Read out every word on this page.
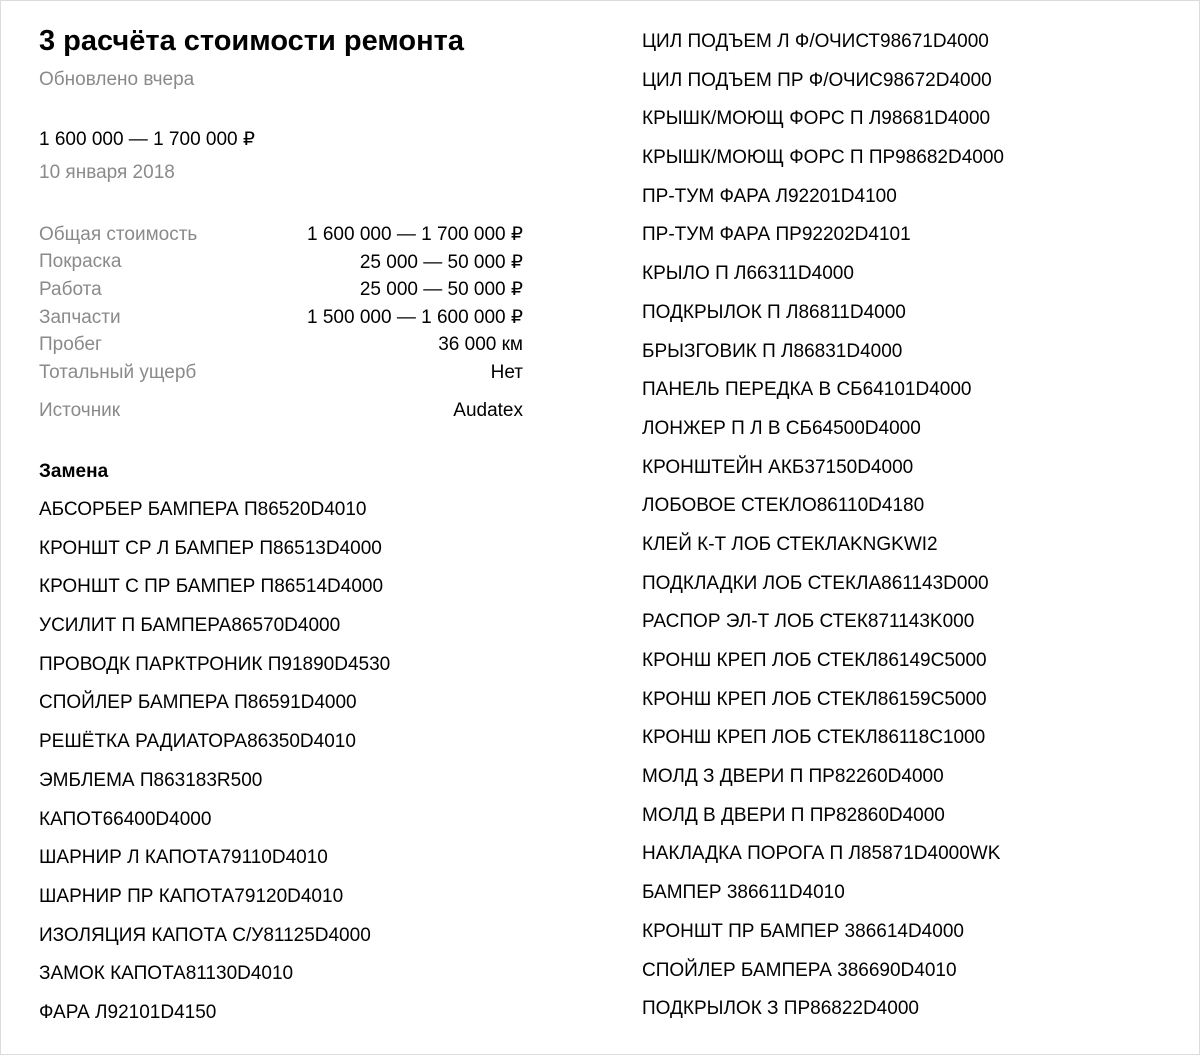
3 расчёта стоимости ремонта
Обновлено вчера
1 600 000 — 1 700 000 ₽
10 января 2018
Общая стоимость	1 600 000 — 1 700 000 ₽
Покраска	25 000 — 50 000 ₽
Работа	25 000 — 50 000 ₽
Запчасти	1 500 000 — 1 600 000 ₽
Пробег	36 000 км
Тотальный ущерб	Нет
Источник	Audatex
Замена
АБСОРБЕР БАМПЕРА П86520D4010
КРОНШТ СР Л БАМПЕР П86513D4000
КРОНШТ С ПР БАМПЕР П86514D4000
УСИЛИТ П БАМПЕРА86570D4000
ПРОВОДК ПАРКТРОНИК П91890D4530
СПОЙЛЕР БАМПЕРА П86591D4000
РЕШЁТКА РАДИАТОРА86350D4010
ЭМБЛЕМА П863183R500
КАПОТ66400D4000
ШАРНИР Л КАПОТА79110D4010
ШАРНИР ПР КАПОТА79120D4010
ИЗОЛЯЦИЯ КАПОТА С/У81125D4000
ЗАМОК КАПОТА81130D4010
ФАРА Л92101D4150
ЦИЛ ПОДЪЕМ Л Ф/ОЧИСТ98671D4000
ЦИЛ ПОДЪЕМ ПР Ф/ОЧИС98672D4000
КРЫШК/МОЮЩ ФОРС П Л98681D4000
КРЫШК/МОЮЩ ФОРС П ПР98682D4000
ПР-ТУМ ФАРА Л92201D4100
ПР-ТУМ ФАРА ПР92202D4101
КРЫЛО П Л66311D4000
ПОДКРЫЛОК П Л86811D4000
БРЫЗГОВИК П Л86831D4000
ПАНЕЛЬ ПЕРЕДКА В СБ64101D4000
ЛОНЖЕР П Л В СБ64500D4000
КРОНШТЕЙН АКБ37150D4000
ЛОБОВОЕ СТЕКЛО86110D4180
КЛЕЙ К-Т ЛОБ СТЕКЛАKNGKWI2
ПОДКЛАДКИ ЛОБ СТЕКЛА861143D000
РАСПОР ЭЛ-Т ЛОБ СТЕК871143K000
КРОНШ КРЕП ЛОБ СТЕКЛ86149C5000
КРОНШ КРЕП ЛОБ СТЕКЛ86159C5000
КРОНШ КРЕП ЛОБ СТЕКЛ86118C1000
МОЛД З ДВЕРИ П ПР82260D4000
МОЛД В ДВЕРИ П ПР82860D4000
НАКЛАДКА ПОРОГА П Л85871D4000WK
БАМПЕР 386611D4010
КРОНШТ ПР БАМПЕР 386614D4000
СПОЙЛЕР БАМПЕРА 386690D4010
ПОДКРЫЛОК З ПР86822D4000
